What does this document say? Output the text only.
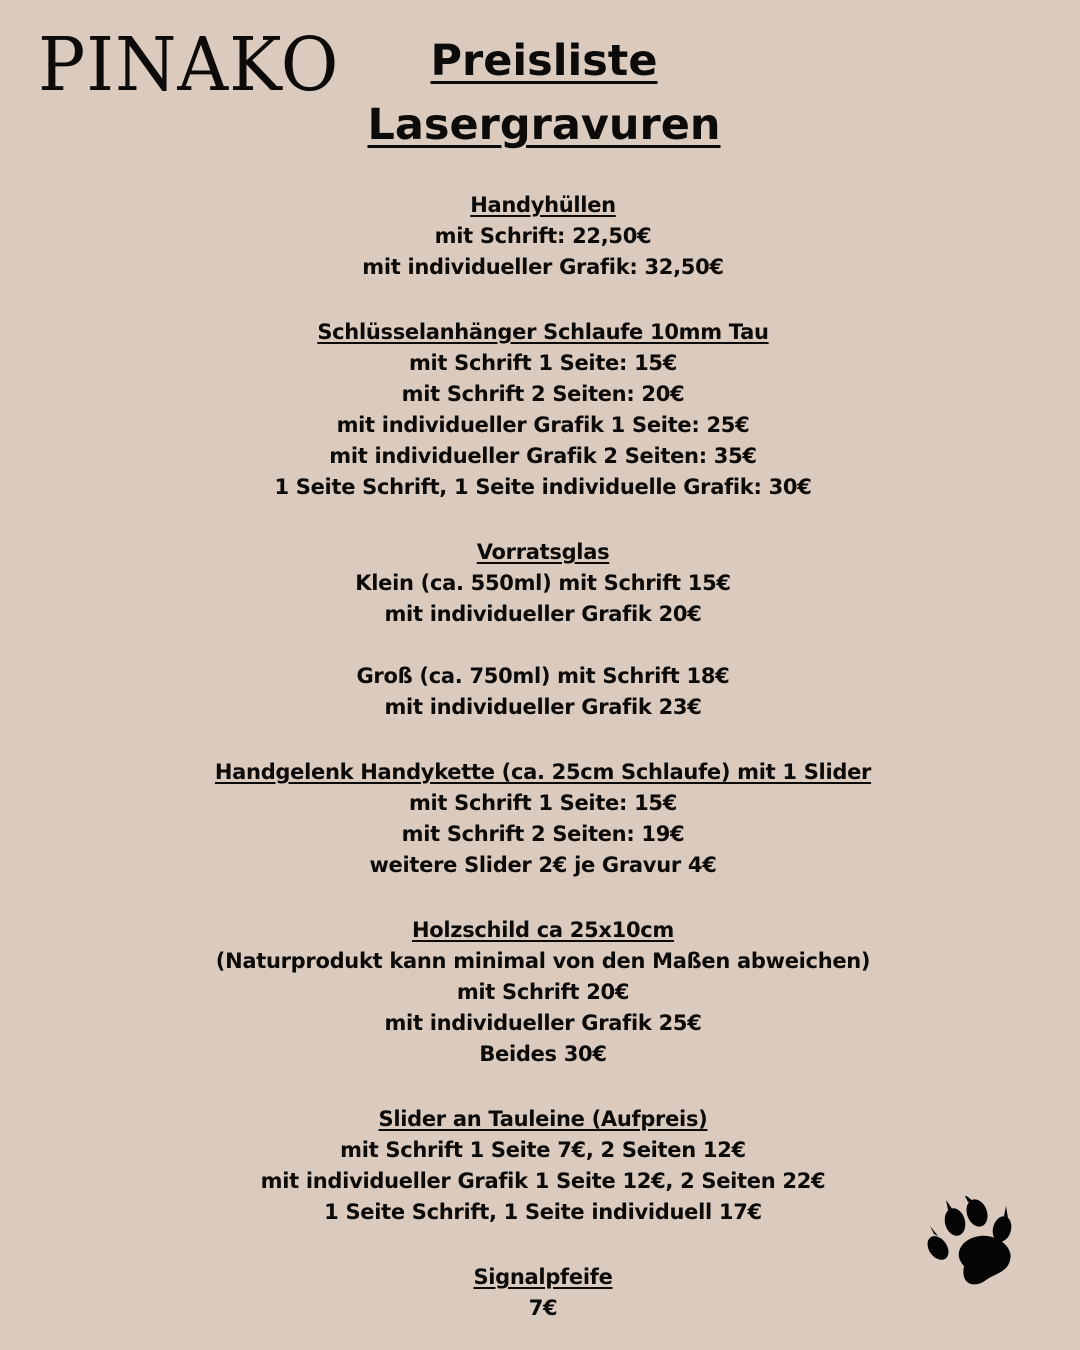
PINAKO Preisliste
Lasergravuren
Handyhüllen
mit Schrift: 22,50€
mit individueller Grafik: 32,50€
Schlüsselanhänger Schlaufe 10mm Tau
mit Schrift 1 Seite: 15€
mit Schrift 2 Seiten: 20€
mit individueller Grafik 1 Seite: 25€
mit individueller Grafik 2 Seiten: 35€
1 Seite Schrift, 1 Seite individuelle Grafik: 30€
Vorratsglas
Klein (ca. 550ml) mit Schrift 15€
mit individueller Grafik 20€
Groß (ca. 750ml) mit Schrift 18€
mit individueller Grafik 23€
Handgelenk Handykette (ca. 25cm Schlaufe) mit 1 Slider
mit Schrift 1 Seite: 15€
mit Schrift 2 Seiten: 19€
weitere Slider 2€ je Gravur 4€
Holzschild ca 25x10cm
(Naturprodukt kann minimal von den Maßen abweichen)
mit Schrift 20€
mit individueller Grafik 25€
Beides 30€
Slider an Tauleine (Aufpreis)
mit Schrift 1 Seite 7€, 2 Seiten 12€
mit individueller Grafik 1 Seite 12€, 2 Seiten 22€
1 Seite Schrift, 1 Seite individuell 17€
Signalpfeife
7€
